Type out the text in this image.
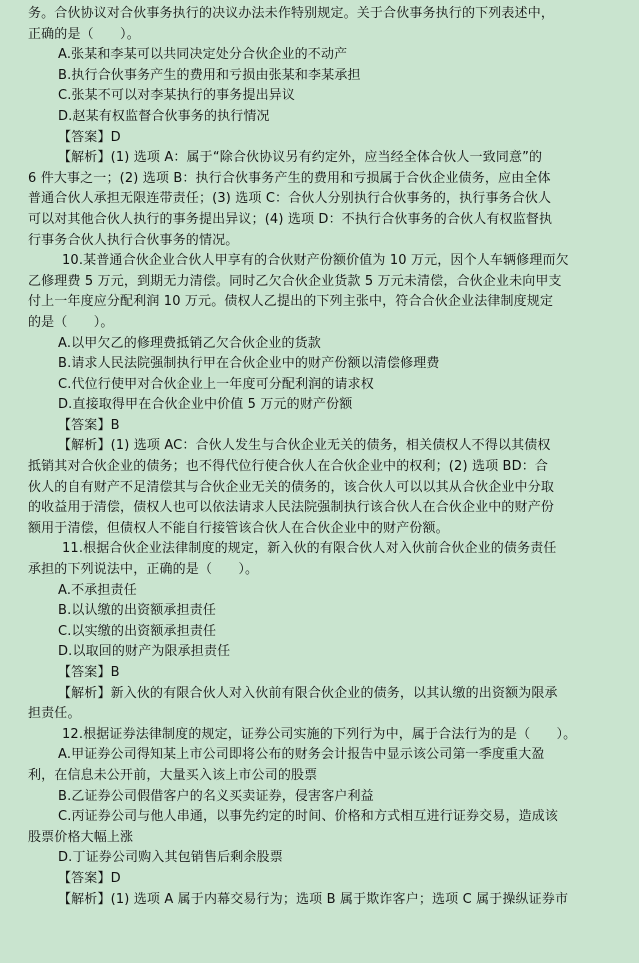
务。合伙协议对合伙事务执行的决议办法未作特别规定。关于合伙事务执行的下列表述中，
正确的是（　　）。
A.张某和李某可以共同决定处分合伙企业的不动产
B.执行合伙事务产生的费用和亏损由张某和李某承担
C.张某不可以对李某执行的事务提出异议
D.赵某有权监督合伙事务的执行情况
【答案】D
【解析】(1) 选项 A：属于“除合伙协议另有约定外，应当经全体合伙人一致同意”的
6 件大事之一；(2) 选项 B：执行合伙事务产生的费用和亏损属于合伙企业债务，应由全体
普通合伙人承担无限连带责任；(3) 选项 C：合伙人分别执行合伙事务的，执行事务合伙人
可以对其他合伙人执行的事务提出异议；(4) 选项 D：不执行合伙事务的合伙人有权监督执
行事务合伙人执行合伙事务的情况。
10.某普通合伙企业合伙人甲享有的合伙财产份额价值为 10 万元，因个人车辆修理而欠
乙修理费 5 万元，到期无力清偿。同时乙欠合伙企业货款 5 万元未清偿，合伙企业未向甲支
付上一年度应分配利润 10 万元。债权人乙提出的下列主张中，符合合伙企业法律制度规定
的是（　　）。
A.以甲欠乙的修理费抵销乙欠合伙企业的货款
B.请求人民法院强制执行甲在合伙企业中的财产份额以清偿修理费
C.代位行使甲对合伙企业上一年度可分配利润的请求权
D.直接取得甲在合伙企业中价值 5 万元的财产份额
【答案】B
【解析】(1) 选项 AC：合伙人发生与合伙企业无关的债务，相关债权人不得以其债权
抵销其对合伙企业的债务；也不得代位行使合伙人在合伙企业中的权利；(2) 选项 BD：合
伙人的自有财产不足清偿其与合伙企业无关的债务的，该合伙人可以以其从合伙企业中分取
的收益用于清偿，债权人也可以依法请求人民法院强制执行该合伙人在合伙企业中的财产份
额用于清偿，但债权人不能自行接管该合伙人在合伙企业中的财产份额。
11.根据合伙企业法律制度的规定，新入伙的有限合伙人对入伙前合伙企业的债务责任
承担的下列说法中，正确的是（　　）。
A.不承担责任
B.以认缴的出资额承担责任
C.以实缴的出资额承担责任
D.以取回的财产为限承担责任
【答案】B
【解析】新入伙的有限合伙人对入伙前有限合伙企业的债务，以其认缴的出资额为限承
担责任。
12.根据证券法律制度的规定，证券公司实施的下列行为中，属于合法行为的是（　　）。
A.甲证券公司得知某上市公司即将公布的财务会计报告中显示该公司第一季度重大盈
利，在信息未公开前，大量买入该上市公司的股票
B.乙证券公司假借客户的名义买卖证券，侵害客户利益
C.丙证券公司与他人串通，以事先约定的时间、价格和方式相互进行证券交易，造成该
股票价格大幅上涨
D.丁证券公司购入其包销售后剩余股票
【答案】D
【解析】(1) 选项 A 属于内幕交易行为；选项 B 属于欺诈客户；选项 C 属于操纵证券市
